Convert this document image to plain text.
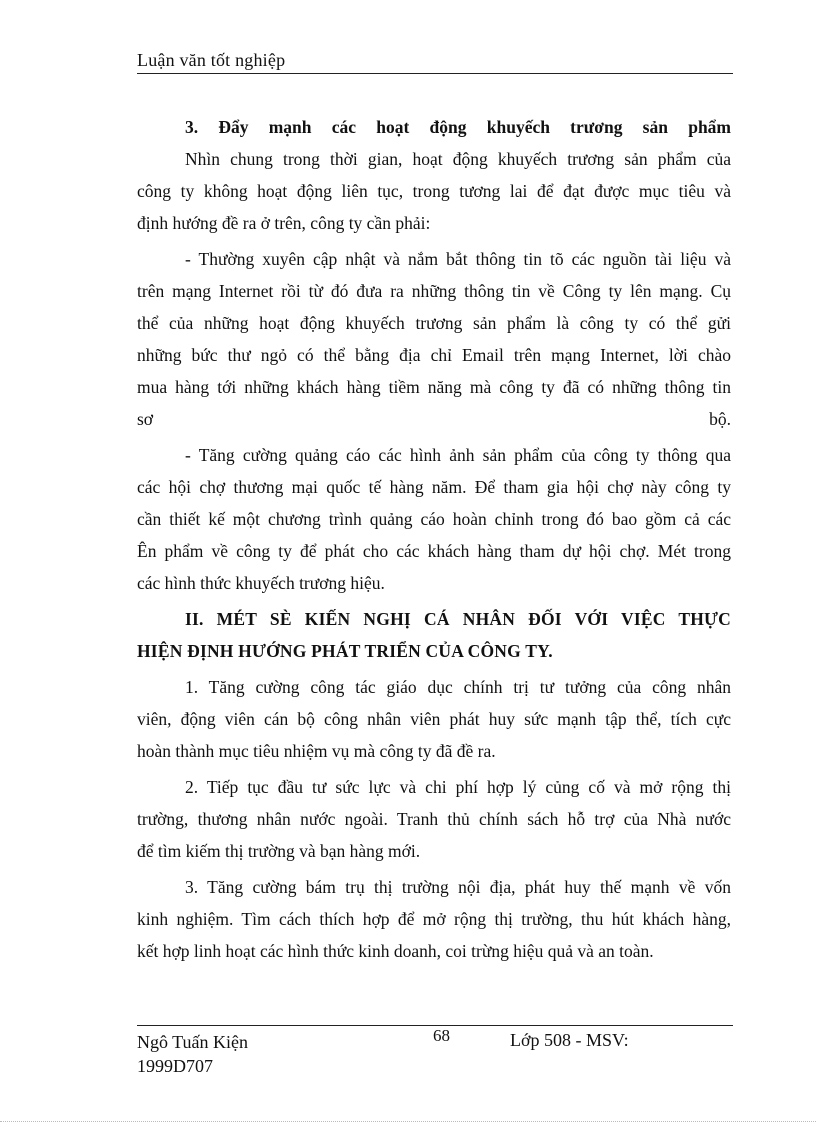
Luận văn tốt nghiệp
3. Đẩy mạnh các hoạt động khuyếch trương sản phẩm
Nhìn chung trong thời gian, hoạt động khuyếch trương sản phẩm của
công ty không hoạt động liên tục, trong tương lai để đạt được mục tiêu và
định hướng đề ra ở trên, công ty cần phải:
- Thường xuyên cập nhật và nắm bắt thông tin tõ các nguồn tài liệu và
trên mạng Internet rồi từ đó đưa ra những thông tin về Công ty lên mạng. Cụ
thể của những hoạt động khuyếch trương sản phẩm là công ty có thể gửi
những bức thư ngỏ có thể bằng địa chỉ Email trên mạng Internet, lời chào
mua hàng tới những khách hàng tiềm năng mà công ty đã có những thông tin
sơ	bộ.
- Tăng cường quảng cáo các hình ảnh sản phẩm của công ty thông qua
các hội chợ thương mại quốc tế hàng năm. Để tham gia hội chợ này công ty
cần thiết kế một chương trình quảng cáo hoàn chỉnh trong đó bao gồm cả các
Ên phẩm về công ty để phát cho các khách hàng tham dự hội chợ. Mét trong
các hình thức khuyếch trương hiệu.
II. MÉT SÈ KIẾN NGHỊ CÁ NHÂN ĐỐI VỚI VIỆC THỰC
HIỆN ĐỊNH HƯỚNG PHÁT TRIỂN CỦA CÔNG TY.
1. Tăng cường công tác giáo dục chính trị tư tưởng của công nhân
viên, động viên cán bộ công nhân viên phát huy sức mạnh tập thể, tích cực
hoàn thành mục tiêu nhiệm vụ mà công ty đã đề ra.
2. Tiếp tục đầu tư sức lực và chi phí hợp lý củng cố và mở rộng thị
trường, thương nhân nước ngoài. Tranh thủ chính sách hỗ trợ của Nhà nước
để tìm kiếm thị trường và bạn hàng mới.
3. Tăng cường bám trụ thị trường nội địa, phát huy thế mạnh về vốn
kinh nghiệm. Tìm cách thích hợp để mở rộng thị trường, thu hút khách hàng,
kết hợp linh hoạt các hình thức kinh doanh, coi trừng hiệu quả và an toàn.
Ngô Tuấn Kiện
1999D707
68	Lớp 508 - MSV:
